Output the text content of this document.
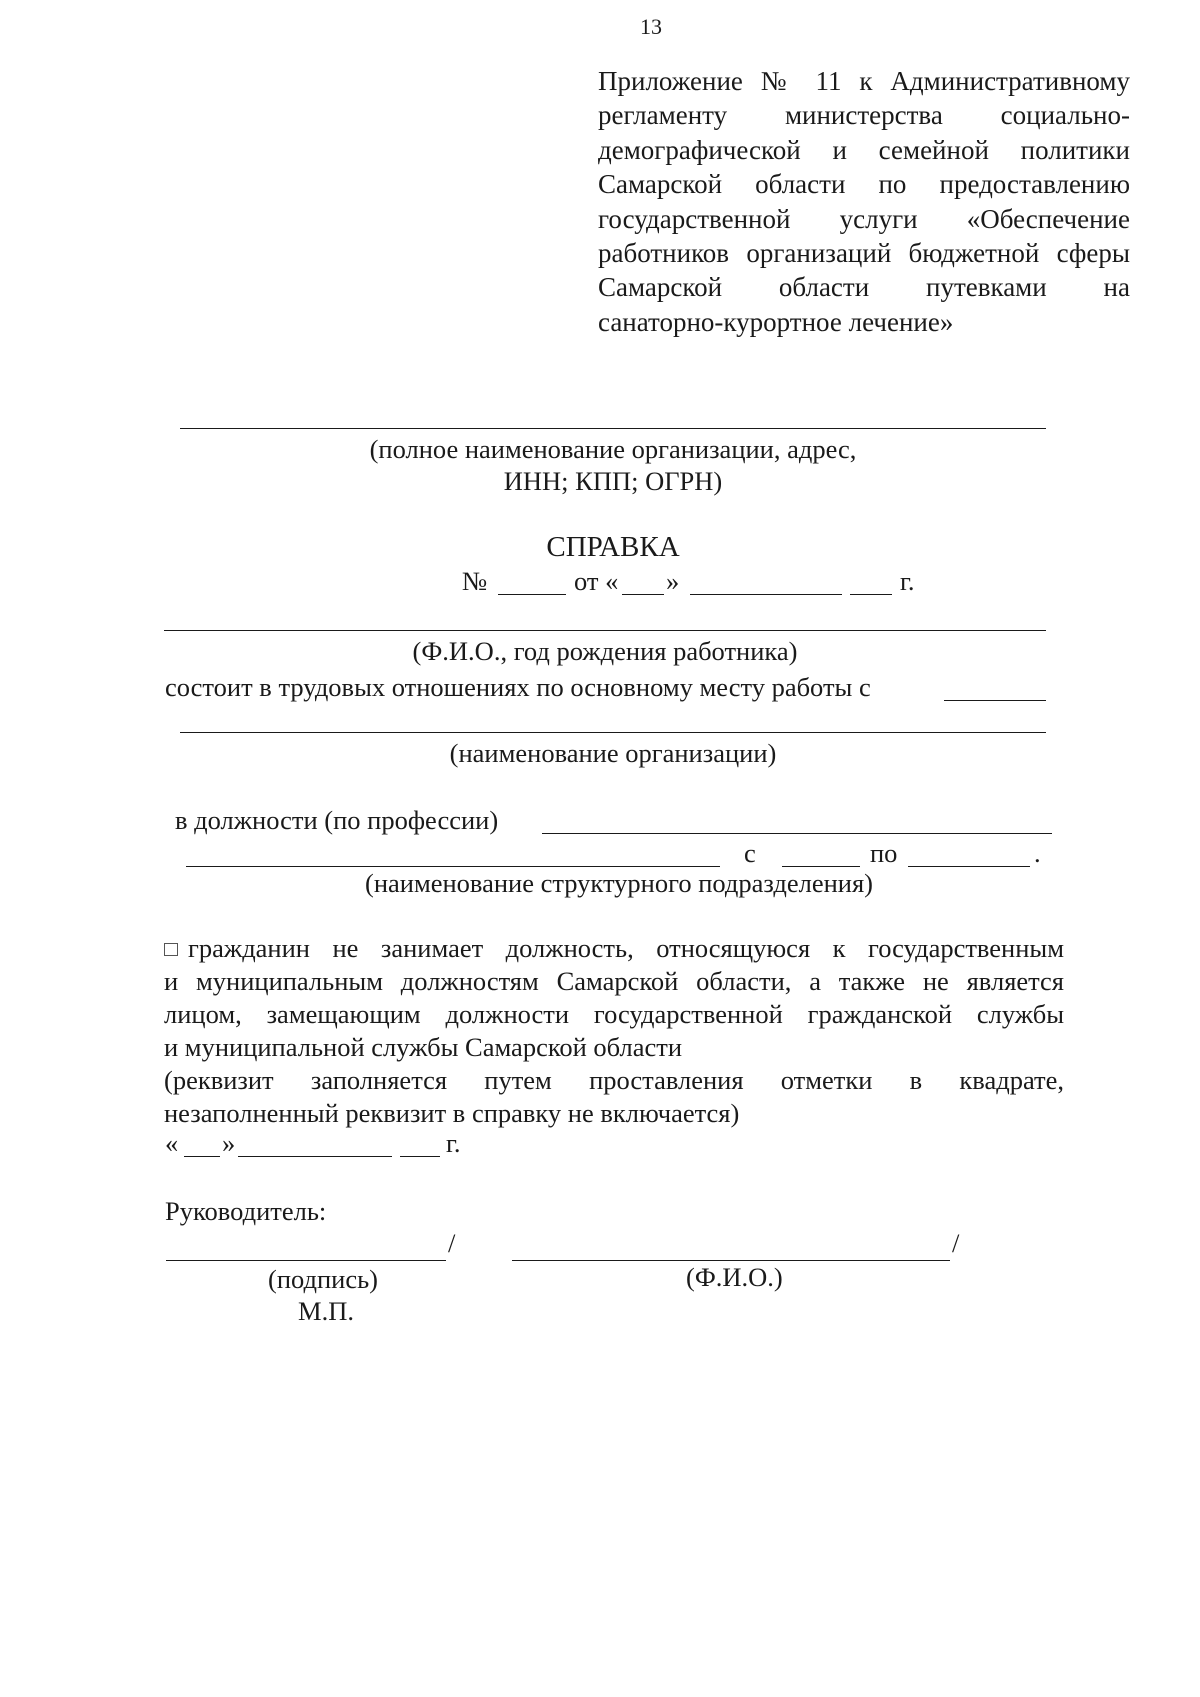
13
Приложение № 11 к Административному
регламенту министерства социально-
демографической и семейной политики
Самарской области по предоставлению
государственной услуги «Обеспечение
работников организаций бюджетной сферы
Самарской области путевками на
санаторно-курортное лечение»
(полное наименование организации, адрес,
ИНН; КПП; ОГРН)
СПРАВКА
№	от « »	г.
(Ф.И.О., год рождения работника)
состоит в трудовых отношениях по основному месту работы с
(наименование организации)
в должности (по профессии)
с	по	.
(наименование структурного подразделения)
гражданин не занимает должность, относящуюся к государственным
и муниципальным должностям Самарской области, а также не является
лицом, замещающим должности государственной гражданской службы
и муниципальной службы Самарской области
(реквизит заполняется путем проставления отметки в квадрате,
незаполненный реквизит в справку не включается)
« »	г.
Руководитель:
/	/
(подпись)	(Ф.И.О.)
М.П.
